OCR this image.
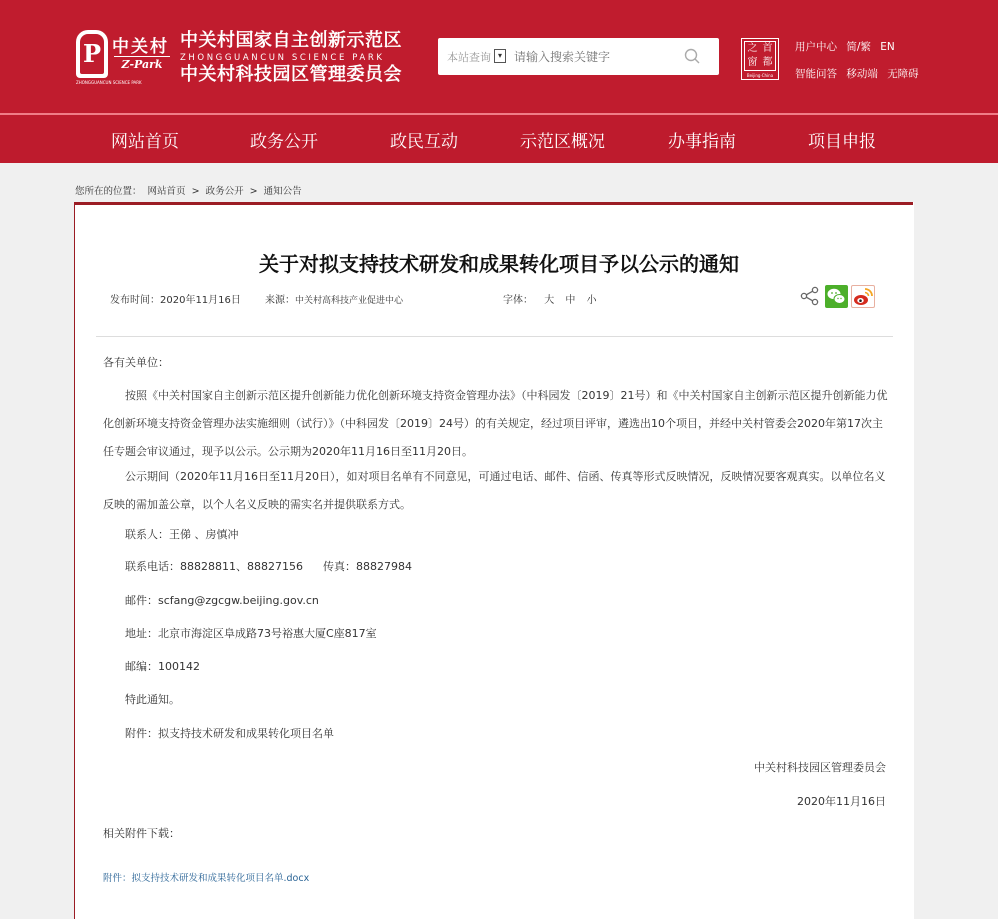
P 中关村
Z-Park
ZHONGGUANCUN SCIENCE PARK
中关村国家自主创新示范区
ZHONGGUANCUN SCIENCE PARK
中关村科技园区管理委员会
本站查询 ▾
请输入搜索关键字
之 首
窗 都
Beijing·China
用户中心 简/繁 EN
智能问答 移动端 无障碍
网站首页	政务公开	政民互动	示范区概况	办事指南	项目申报
您所在的位置： 网站首页 > 政务公开 > 通知公告
关于对拟支持技术研发和成果转化项目予以公示的通知
发布时间：2020年11月16日 来源：中关村高科技产业促进中心	字体： 大 中 小
各有关单位：
按照《中关村国家自主创新示范区提升创新能力优化创新环境支持资金管理办法》（中科园发〔2019〕21号）和《中关村国家自主创新示范区提升创新能力优化创新环境支持资金管理办法实施细则（试行）》（中科园发〔2019〕24号）的有关规定，经过项目评审，遴选出10个项目，并经中关村管委会2020年第17次主任专题会审议通过，现予以公示。公示期为2020年11月16日至11月20日。
公示期间（2020年11月16日至11月20日），如对项目名单有不同意见，可通过电话、邮件、信函、传真等形式反映情况，反映情况要客观真实。以单位名义反映的需加盖公章，以个人名义反映的需实名并提供联系方式。
联系人：王俤 、房慎冲
联系电话：88828811、88827156 传真：88827984
邮件：scfang@zgcgw.beijing.gov.cn
地址：北京市海淀区阜成路73号裕惠大厦C座817室
邮编：100142
特此通知。
附件：拟支持技术研发和成果转化项目名单
中关村科技园区管理委员会
2020年11月16日
相关附件下载：
附件：拟支持技术研发和成果转化项目名单.docx
